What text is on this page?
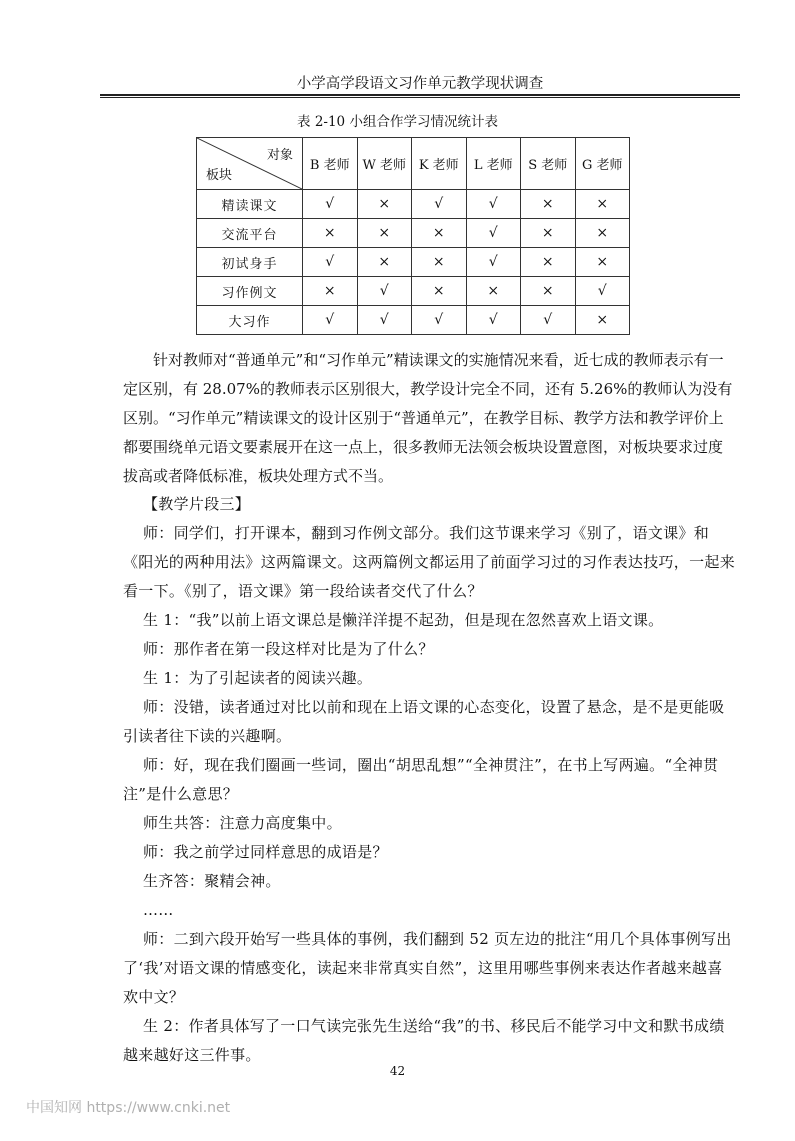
小学高学段语文习作单元教学现状调查
表 2-10 小组合作学习情况统计表
对象
板块	B 老师	W 老师	K 老师	L 老师	S 老师	G 老师
精读课文	√	×	√	√	×	×
交流平台	×	×	×	√	×	×
初试身手	√	×	×	√	×	×
习作例文	×	√	×	×	×	√
大习作	√	√	√	√	√	×

针对教师对“普通单元”和“习作单元”精读课文的实施情况来看，近七成的教师表示有一定区别，有 28.07%的教师表示区别很大，教学设计完全不同，还有 5.26%的教师认为没有区别。“习作单元”精读课文的设计区别于“普通单元”，在教学目标、教学方法和教学评价上都要围绕单元语文要素展开在这一点上，很多教师无法领会板块设置意图，对板块要求过度拔高或者降低标准，板块处理方式不当。

【教学片段三】

师：同学们，打开课本，翻到习作例文部分。我们这节课来学习《别了，语文课》和《阳光的两种用法》这两篇课文。这两篇例文都运用了前面学习过的习作表达技巧，一起来看一下。《别了，语文课》第一段给读者交代了什么？

生 1：“我”以前上语文课总是懒洋洋提不起劲，但是现在忽然喜欢上语文课。

师：那作者在第一段这样对比是为了什么？

生 1：为了引起读者的阅读兴趣。

师：没错，读者通过对比以前和现在上语文课的心态变化，设置了悬念，是不是更能吸引读者往下读的兴趣啊。

师：好，现在我们圈画一些词，圈出“胡思乱想”“全神贯注”，在书上写两遍。“全神贯注”是什么意思？

师生共答：注意力高度集中。

师：我之前学过同样意思的成语是？

生齐答：聚精会神。

……

师：二到六段开始写一些具体的事例，我们翻到 52 页左边的批注“用几个具体事例写出了‘我’对语文课的情感变化，读起来非常真实自然”，这里用哪些事例来表达作者越来越喜欢中文？

生 2：作者具体写了一口气读完张先生送给“我”的书、移民后不能学习中文和默书成绩越来越好这三件事。

42
中国知网 https://www.cnki.net
